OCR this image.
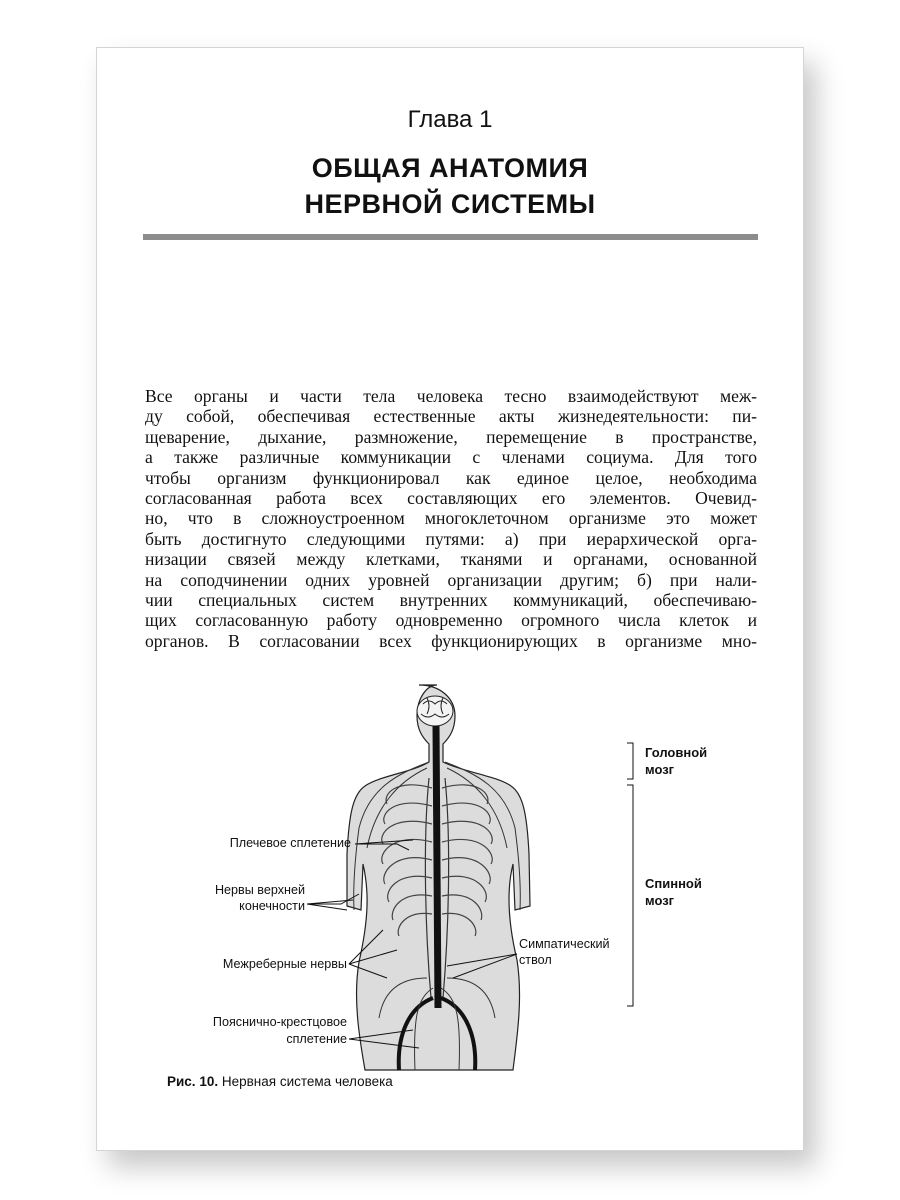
Глава 1
ОБЩАЯ АНАТОМИЯ
НЕРВНОЙ СИСТЕМЫ
Все органы и части тела человека тесно взаимодействуют меж-
ду собой, обеспечивая естественные акты жизнедеятельности: пи-
щеварение, дыхание, размножение, перемещение в пространстве,
а также различные коммуникации с членами социума. Для того
чтобы организм функционировал как единое целое, необходима
согласованная работа всех составляющих его элементов. Очевид-
но, что в сложноустроенном многоклеточном организме это может
быть достигнуто следующими путями: а) при иерархической орга-
низации связей между клетками, тканями и органами, основанной
на соподчинении одних уровней организации другим; б) при нали-
чии специальных систем внутренних коммуникаций, обеспечиваю-
щих согласованную работу одновременно огромного числа клеток и
органов. В согласовании всех функционирующих в организме мно-
Плечевое сплетение
Нервы верхней
конечности
Межреберные нервы
Пояснично-крестцовое
сплетение
Симпатический
ствол
Головной
мозг
Спинной
мозг
Рис. 10. Нервная система человека
